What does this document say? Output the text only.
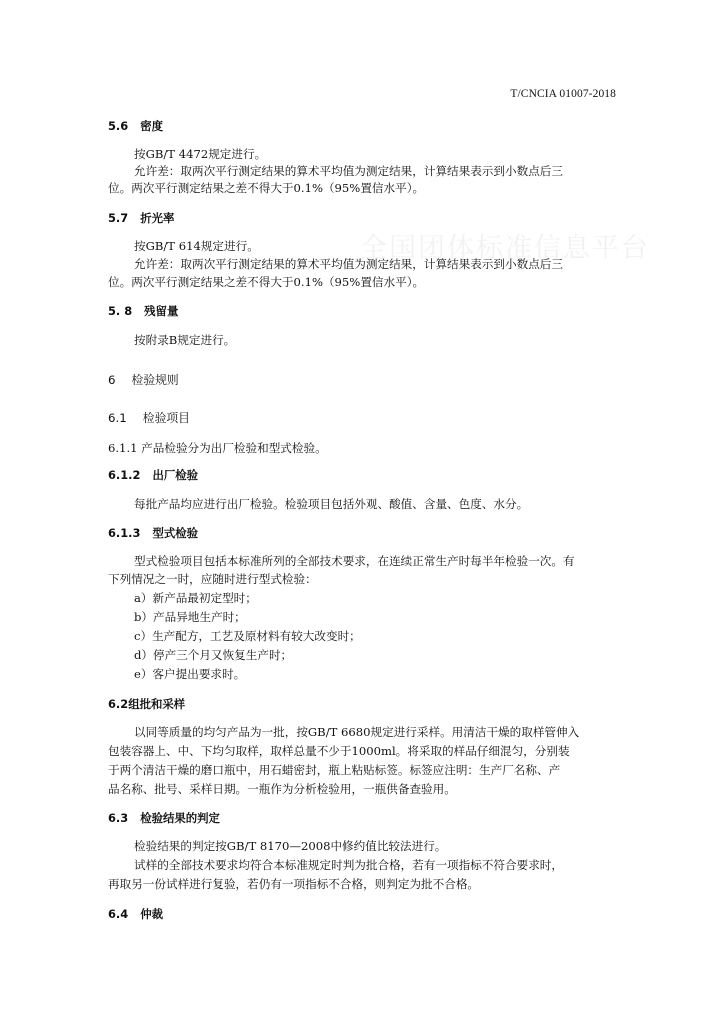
全国团体标准信息平台
T/CNCIA 01007-2018
5.6 密度
按GB/T 4472规定进行。
允许差：取两次平行测定结果的算术平均值为测定结果，计算结果表示到小数点后三
位。两次平行测定结果之差不得大于0.1%（95%置信水平）。
5.7 折光率
按GB/T 614规定进行。
允许差：取两次平行测定结果的算术平均值为测定结果，计算结果表示到小数点后三
位。两次平行测定结果之差不得大于0.1%（95%置信水平）。
5. 8 残留量
按附录B规定进行。
6 检验规则
6.1 检验项目
6.1.1 产品检验分为出厂检验和型式检验。
6.1.2 出厂检验
每批产品均应进行出厂检验。检验项目包括外观、酸值、含量、色度、水分。
6.1.3 型式检验
型式检验项目包括本标准所列的全部技术要求，在连续正常生产时每半年检验一次。有
下列情况之一时，应随时进行型式检验：
a）新产品最初定型时；
b）产品异地生产时；
c）生产配方，工艺及原材料有较大改变时；
d）停产三个月又恢复生产时；
e）客户提出要求时。
6.2组批和采样
以同等质量的均匀产品为一批，按GB/T 6680规定进行采样。用清洁干燥的取样管伸入
包装容器上、中、下均匀取样，取样总量不少于1000ml。将采取的样品仔细混匀，分别装
于两个清洁干燥的磨口瓶中，用石蜡密封，瓶上粘贴标签。标签应注明：生产厂名称、产
品名称、批号、采样日期。一瓶作为分析检验用，一瓶供备查验用。
6.3 检验结果的判定
检验结果的判定按GB/T 8170—2008中修约值比较法进行。
试样的全部技术要求均符合本标准规定时判为批合格，若有一项指标不符合要求时，
再取另一份试样进行复验，若仍有一项指标不合格，则判定为批不合格。
6.4 仲裁
